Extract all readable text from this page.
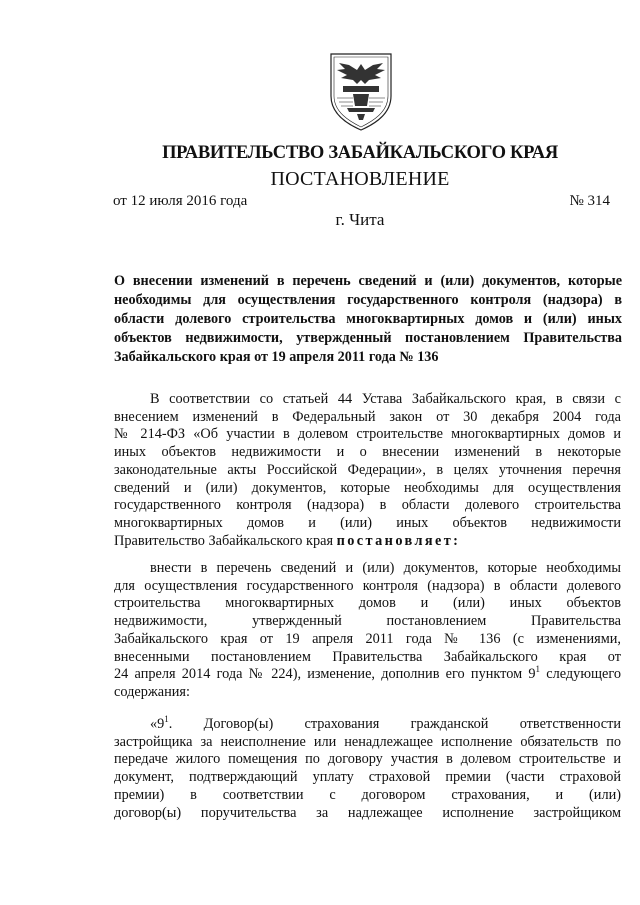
ПРАВИТЕЛЬСТВО ЗАБАЙКАЛЬСКОГО КРАЯ
ПОСТАНОВЛЕНИЕ
от 12 июля 2016 года	№ 314
г. Чита
О внесении изменений в перечень сведений и (или) документов, которые
необходимы для осуществления государственного контроля (надзора) в
области долевого строительства многоквартирных домов и (или) иных
объектов недвижимости, утвержденный постановлением Правительства
Забайкальского края от 19 апреля 2011 года № 136
В соответствии со статьей 44 Устава Забайкальского края, в связи с
внесением изменений в Федеральный закон от 30 декабря 2004 года
№ 214-ФЗ «Об участии в долевом строительстве многоквартирных домов и
иных объектов недвижимости и о внесении изменений в некоторые
законодательные акты Российской Федерации», в целях уточнения перечня
сведений и (или) документов, которые необходимы для осуществления
государственного контроля (надзора) в области долевого строительства
многоквартирных домов и (или) иных объектов недвижимости
Правительство Забайкальского края постановляет:
внести в перечень сведений и (или) документов, которые необходимы
для осуществления государственного контроля (надзора) в области долевого
строительства многоквартирных домов и (или) иных объектов
недвижимости, утвержденный постановлением Правительства
Забайкальского края от 19 апреля 2011 года № 136 (с изменениями,
внесенными постановлением Правительства Забайкальского края от
24 апреля 2014 года № 224), изменение, дополнив его пунктом $9^1$ следующего
содержания:
«$9^1$. Договор(ы) страхования гражданской ответственности
застройщика за неисполнение или ненадлежащее исполнение обязательств по
передаче жилого помещения по договору участия в долевом строительстве и
документ, подтверждающий уплату страховой премии (части страховой
премии) в соответствии с договором страхования, и (или)
договор(ы) поручительства за надлежащее исполнение застройщиком
